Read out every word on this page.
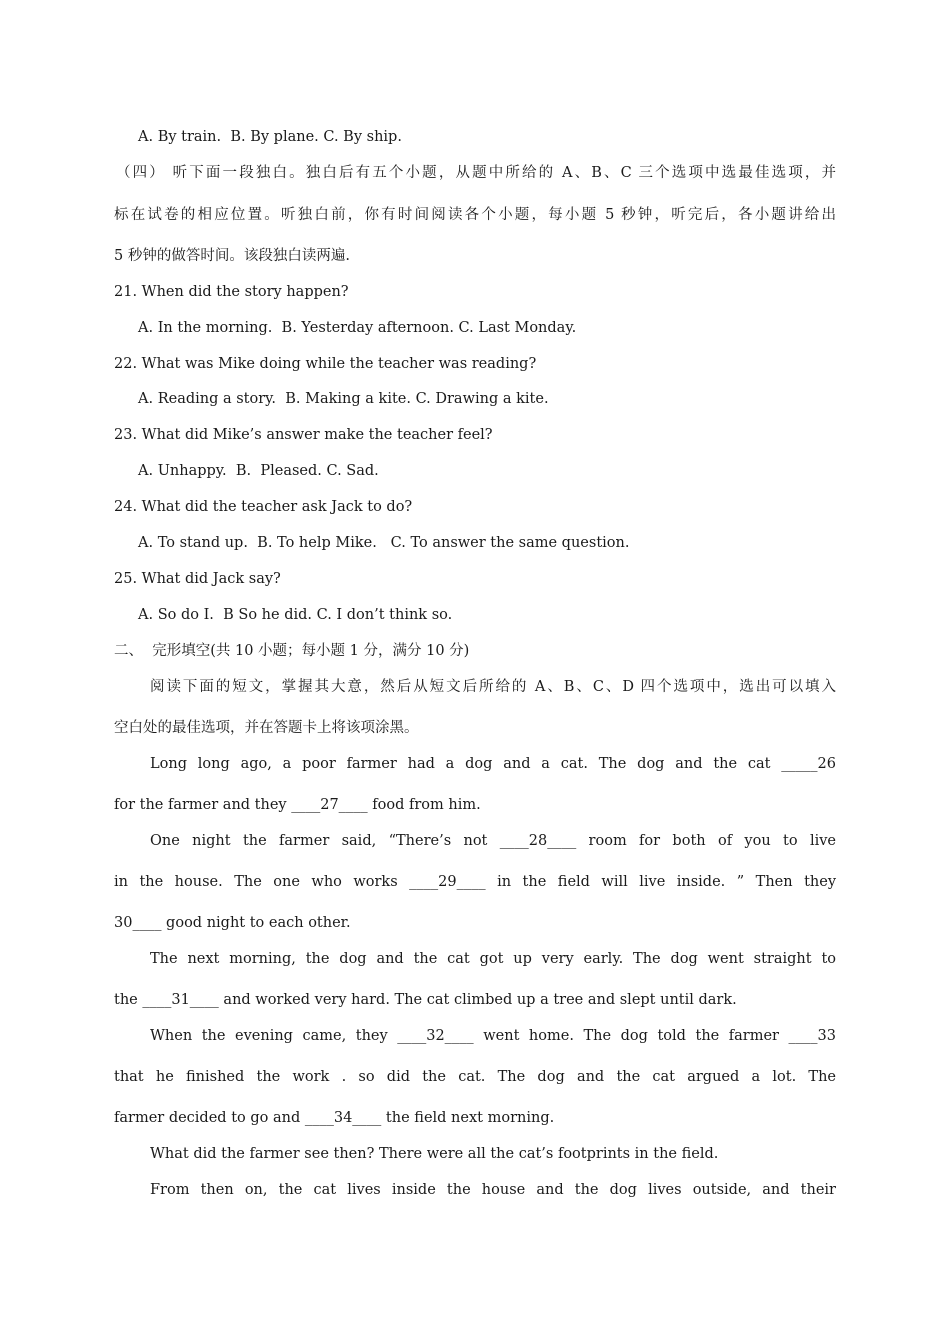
A. By train.  B. By plane. C. By ship.
（四） 听下面一段独白。独白后有五个小题，从题中所给的 A、B、C 三个选项中选最佳选项，并
标在试卷的相应位置。听独白前，你有时间阅读各个小题，每小题 5 秒钟，听完后，各小题讲给出
5 秒钟的做答时间。该段独白读两遍.
21. When did the story happen?
A. In the morning.  B. Yesterday afternoon. C. Last Monday.
22. What was Mike doing while the teacher was reading?
A. Reading a story.  B. Making a kite. C. Drawing a kite.
23. What did Mike’s answer make the teacher feel?
A. Unhappy.  B.  Pleased. C. Sad.
24. What did the teacher ask Jack to do?
A. To stand up.  B. To help Mike.   C. To answer the same question.
25. What did Jack say?
A. So do I.  B So he did. C. I don’t think so.
二、  完形填空(共 10 小题；每小题 1 分，满分 10 分)
阅读下面的短文，掌握其大意，然后从短文后所给的 A、B、C、D 四个选项中，选出可以填入
空白处的最佳选项，并在答题卡上将该项涂黑。
Long long ago, a poor farmer had a dog and a cat. The dog and the cat _____26
for the farmer and they ____27____ food from him.
One night the farmer said, “There’s not ____28____ room for both of you to live
in the house. The one who works ____29____ in the field will live inside. ” Then they
30____ good night to each other.
The next morning, the dog and the cat got up very early. The dog went straight to
the ____31____ and worked very hard. The cat climbed up a tree and slept until dark.
When the evening came, they ____32____ went home. The dog told the farmer ____33
that he finished the work . so did the cat. The dog and the cat argued a lot. The
farmer decided to go and ____34____ the field next morning.
What did the farmer see then? There were all the cat’s footprints in the field.
From then on, the cat lives inside the house and the dog lives outside, and their
